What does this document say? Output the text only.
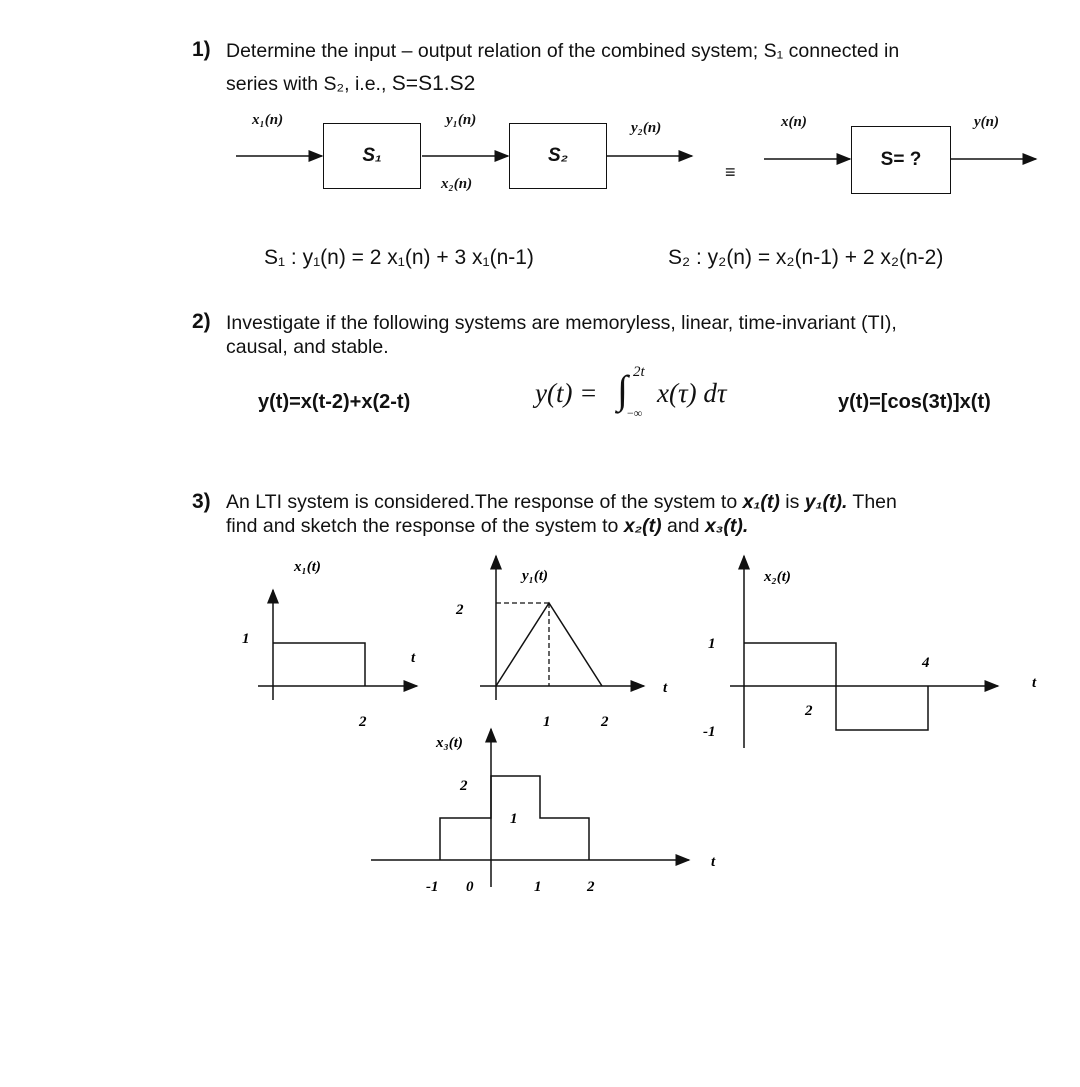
1) Determine the input – output relation of the combined system; S₁ connected in
series with S₂, i.e., S=S1.S2
S₁	S₂	S= ?
x₁(n)	y₁(n)
x₂(n)
y₂(n)
≡
x(n)	y(n)
S₁ : y₁(n) = 2 x₁(n) + 3 x₁(n-1)	S₂ : y₂(n) = x₂(n-1) + 2 x₂(n-2)
2) Investigate if the following systems are memoryless, linear, time-invariant (TI),
causal, and stable.
y(t)=x(t-2)+x(2-t)	y(t) = ∫ 2t
−∞
x(τ) dτ	y(t)=[cos(3t)]x(t)
3) An LTI system is considered.The response of the system to x₁(t) is y₁(t). Then
find and sketch the response of the system to x₂(t) and x₃(t).
x₁(t)
1
t
2
y₁(t)
2
t
1	2
x₂(t)
1
-1
2
4
t
x₃(t)
2
1
-1 0	1	2
t
